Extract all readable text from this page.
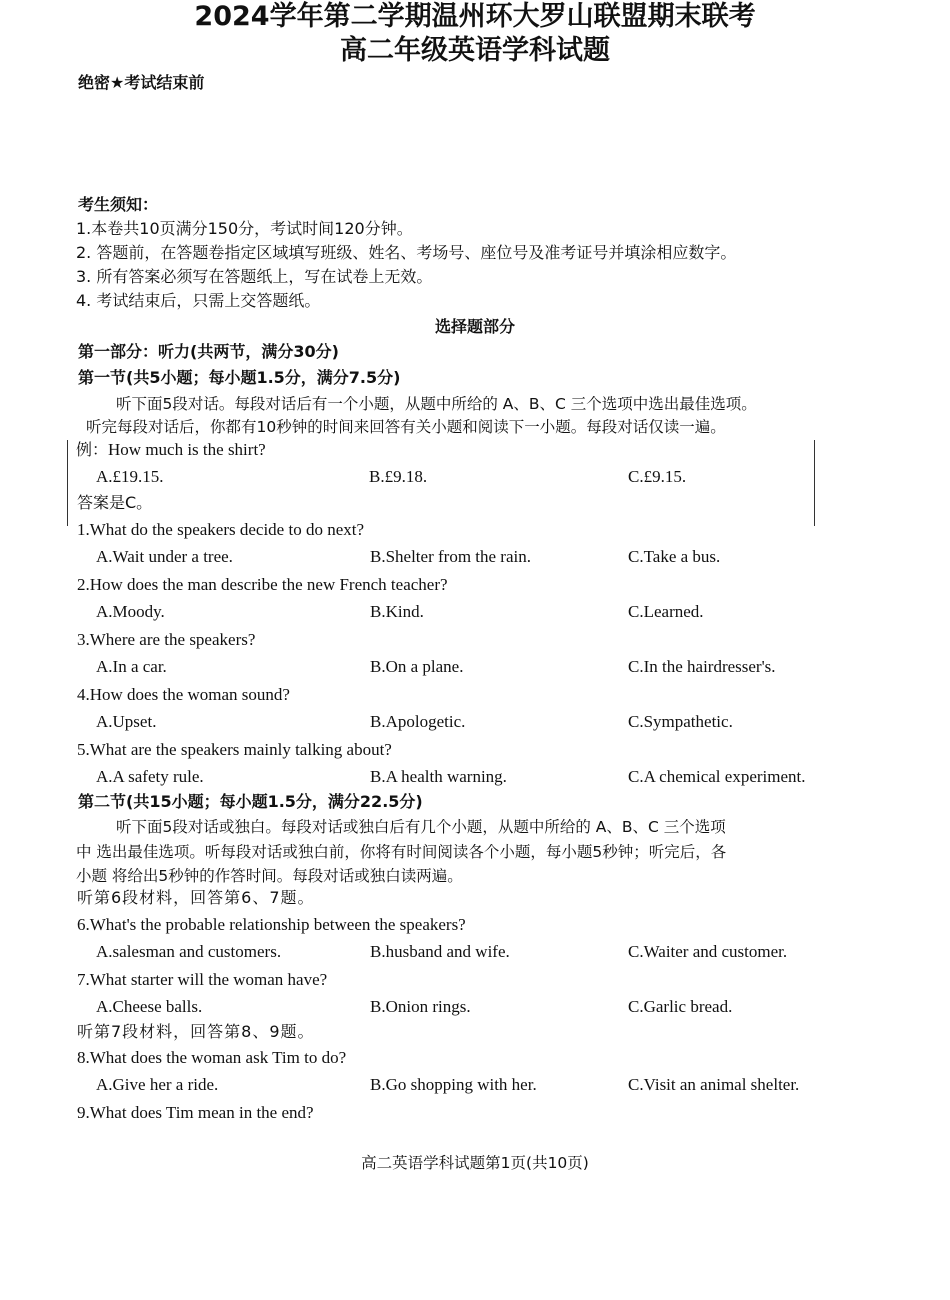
绝密★考试结束前
2024学年第二学期温州环大罗山联盟期末联考
高二年级英语学科试题
考生须知：
1.本卷共10页满分150分，考试时间120分钟。
2. 答题前，在答题卷指定区域填写班级、姓名、考场号、座位号及准考证号并填涂相应数字。
3. 所有答案必须写在答题纸上，写在试卷上无效。
4. 考试结束后，只需上交答题纸。
选择题部分
第一部分：听力(共两节，满分30分)
第一节(共5小题；每小题1.5分，满分7.5分)
听下面5段对话。每段对话后有一个小题，从题中所给的 A、B、C 三个选项中选出最佳选项。
听完每段对话后，你都有10秒钟的时间来回答有关小题和阅读下一小题。每段对话仅读一遍。
例：How much is the shirt?
A.£19.15.	B.£9.18.	C.£9.15.
答案是C。
1.What do the speakers decide to do next?
A.Wait under a tree.	B.Shelter from the rain.	C.Take a bus.
2.How does the man describe the new French teacher?
A.Moody.	B.Kind.	C.Learned.
3.Where are the speakers?
A.In a car.	B.On a plane.	C.In the hairdresser's.
4.How does the woman sound?
A.Upset.	B.Apologetic.	C.Sympathetic.
5.What are the speakers mainly talking about?
A.A safety rule.	B.A health warning.	C.A chemical experiment.
第二节(共15小题；每小题1.5分，满分22.5分)
听下面5段对话或独白。每段对话或独白后有几个小题，从题中所给的 A、B、C 三个选项
中 选出最佳选项。听每段对话或独白前，你将有时间阅读各个小题，每小题5秒钟；听完后，各
小题 将给出5秒钟的作答时间。每段对话或独白读两遍。
听第6段材料，回答第6、7题。
6.What's the probable relationship between the speakers?
A.salesman and customers.	B.husband and wife.	C.Waiter and customer.
7.What starter will the woman have?
A.Cheese balls.	B.Onion rings.	C.Garlic bread.
听第7段材料，回答第8、9题。
8.What does the woman ask Tim to do?
A.Give her a ride.	B.Go shopping with her.	C.Visit an animal shelter.
9.What does Tim mean in the end?
高二英语学科试题第1页(共10页)
